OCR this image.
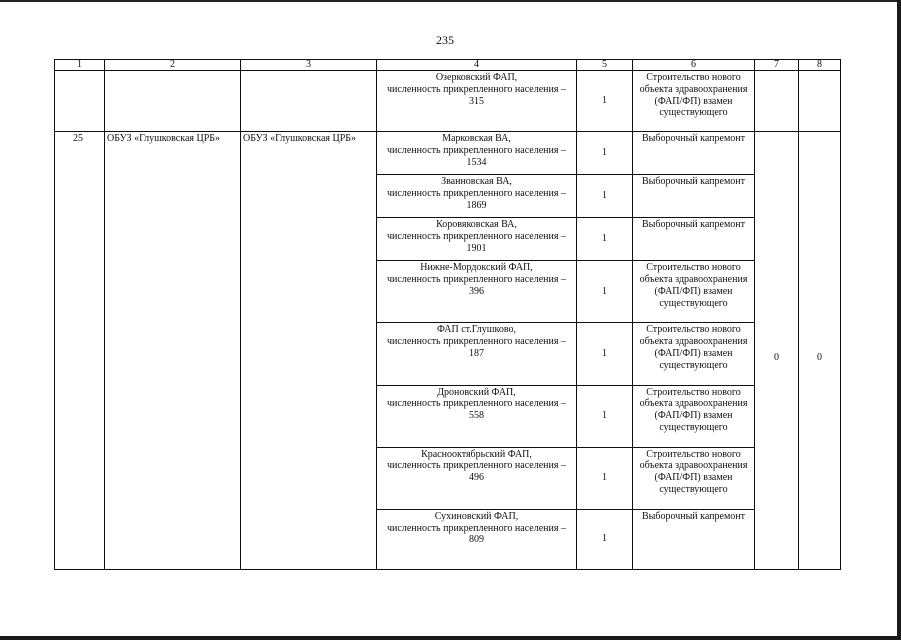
235
1	2	3	4	5	6	7	8
			Озерковский ФАП,
численность прикрепленного населения –
315	1	Строительство нового объекта здравоохранения (ФАП/ФП) взамен существующего		
25	ОБУЗ «Глушковская ЦРБ»	ОБУЗ «Глушковская ЦРБ»	Марковская ВА,
численность прикрепленного населения –
1534	1	Выборочный капремонт	0	0
			Званновская ВА,
численность прикрепленного населения –
1869	1	Выборочный капремонт		
			Коровяковская ВА,
численность прикрепленного населения –
1901	1	Выборочный капремонт		
			Нижне-Мордокский ФАП,
численность прикрепленного населения –
396	1	Строительство нового объекта здравоохранения (ФАП/ФП) взамен существующего		
			ФАП ст.Глушково,
численность прикрепленного населения –
187	1	Строительство нового объекта здравоохранения (ФАП/ФП) взамен существующего		
			Дроновский ФАП,
численность прикрепленного населения –
558	1	Строительство нового объекта здравоохранения (ФАП/ФП) взамен существующего		
			Краснооктябрьский ФАП,
численность прикрепленного населения –
496	1	Строительство нового объекта здравоохранения (ФАП/ФП) взамен существующего		
			Сухиновский ФАП,
численность прикрепленного населения –
809	1	Выборочный капремонт		
